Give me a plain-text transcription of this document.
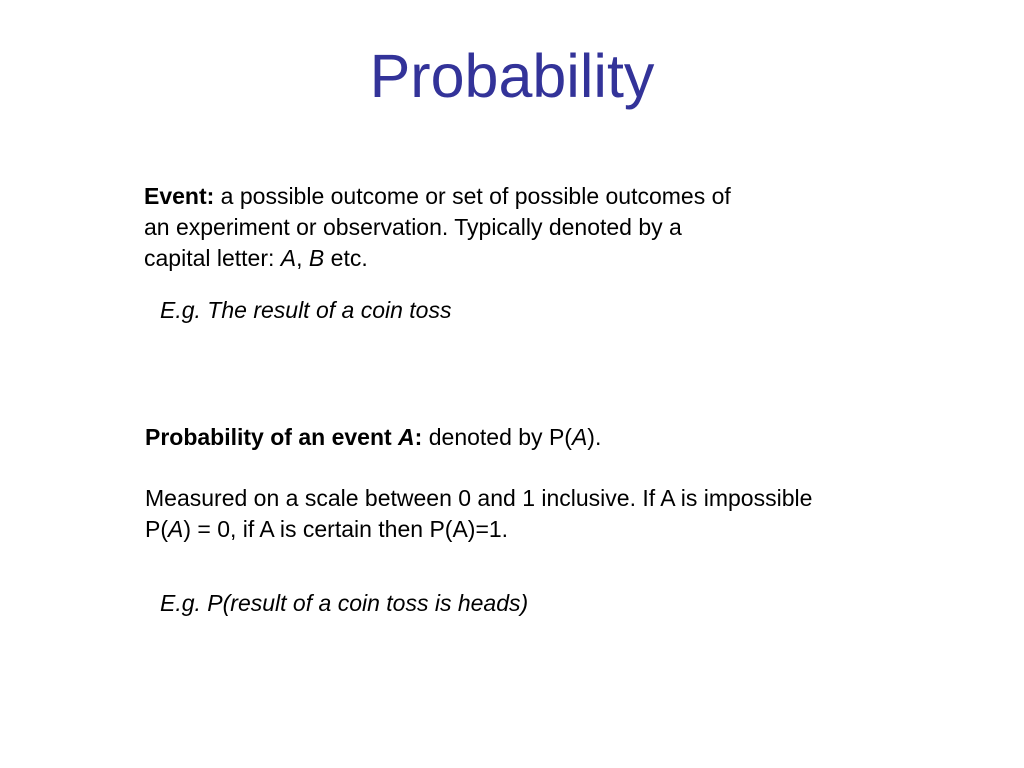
Probability

Event: a possible outcome or set of possible outcomes of
an experiment or observation. Typically denoted by a
capital letter: A, B etc.

E.g. The result of a coin toss

Probability of an event A: denoted by P(A).

Measured on a scale between 0 and 1 inclusive. If A is impossible
P(A) = 0, if A is certain then P(A)=1.

E.g. P(result of a coin toss is heads)
